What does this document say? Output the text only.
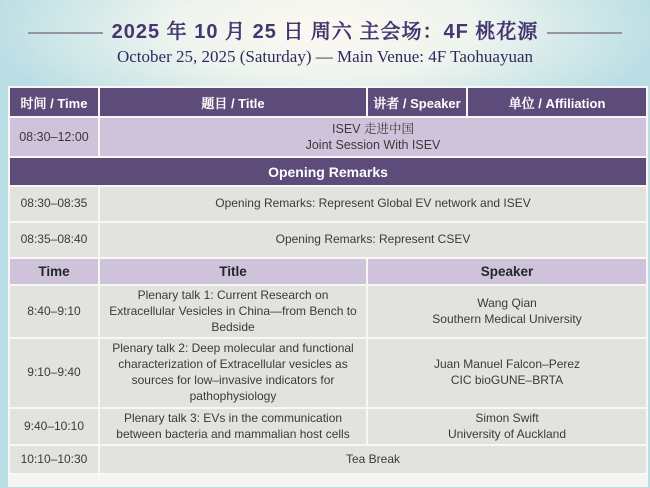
2025 年 10 月 25 日 周六 主会场：4F 桃花源
October 25, 2025 (Saturday) — Main Venue: 4F Taohuayuan
时间 / Time	题目 / Title	讲者 / Speaker	单位 / Affiliation
08:30–12:00	ISEV 走进中国
Joint Session With ISEV		

Opening Remarks			
08:30–08:35	Opening Remarks: Represent Global EV network and ISEV		
08:35–08:40	Opening Remarks: Represent CSEV		
Time	Title	Speaker	
8:40–9:10	Plenary talk 1: Current Research on Extracellular Vesicles in China—from Bench to Bedside	Wang Qian
Southern Medical University	

9:10–9:40	Plenary talk 2: Deep molecular and functional characterization of Extracellular vesicles as sources for low–invasive indicators for pathophysiology	Juan Manuel Falcon–Perez
CIC bioGUNE–BRTA	

9:40–10:10	Plenary talk 3: EVs in the communication between bacteria and mammalian host cells	Simon Swift
University of Auckland	

10:10–10:30	Tea Break		
